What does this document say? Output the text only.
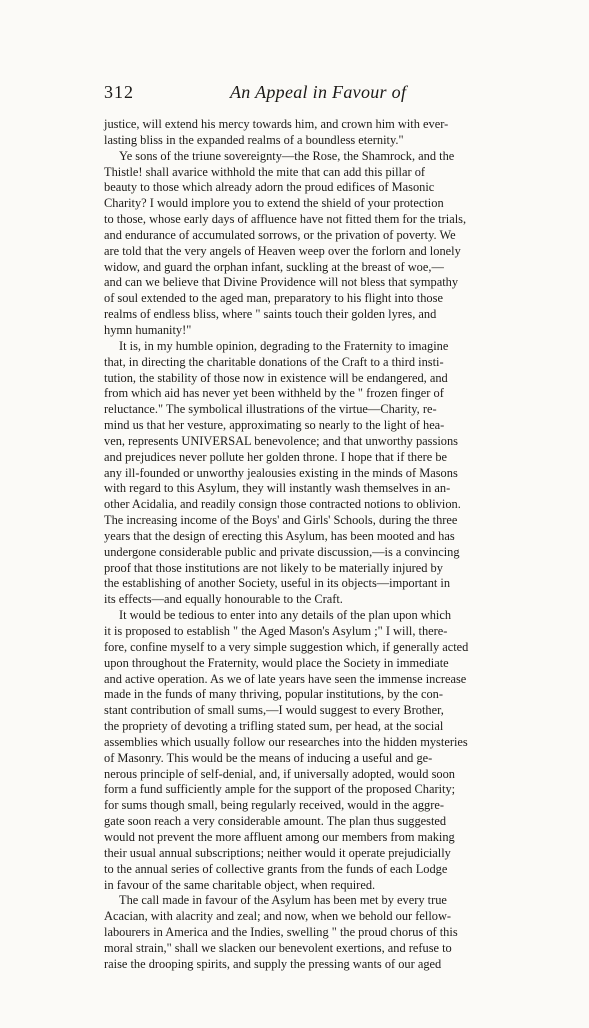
312	An Appeal in Favour of
justice, will extend his mercy towards him, and crown him with ever-
lasting bliss in the expanded realms of a boundless eternity."
Ye sons of the triune sovereignty—the Rose, the Shamrock, and the
Thistle! shall avarice withhold the mite that can add this pillar of
beauty to those which already adorn the proud edifices of Masonic
Charity? I would implore you to extend the shield of your protection
to those, whose early days of affluence have not fitted them for the trials,
and endurance of accumulated sorrows, or the privation of poverty. We
are told that the very angels of Heaven weep over the forlorn and lonely
widow, and guard the orphan infant, suckling at the breast of woe,—
and can we believe that Divine Providence will not bless that sympathy
of soul extended to the aged man, preparatory to his flight into those
realms of endless bliss, where " saints touch their golden lyres, and
hymn humanity!"
It is, in my humble opinion, degrading to the Fraternity to imagine
that, in directing the charitable donations of the Craft to a third insti-
tution, the stability of those now in existence will be endangered, and
from which aid has never yet been withheld by the " frozen finger of
reluctance." The symbolical illustrations of the virtue—Charity, re-
mind us that her vesture, approximating so nearly to the light of hea-
ven, represents UNIVERSAL benevolence; and that unworthy passions
and prejudices never pollute her golden throne. I hope that if there be
any ill-founded or unworthy jealousies existing in the minds of Masons
with regard to this Asylum, they will instantly wash themselves in an-
other Acidalia, and readily consign those contracted notions to oblivion.
The increasing income of the Boys' and Girls' Schools, during the three
years that the design of erecting this Asylum, has been mooted and has
undergone considerable public and private discussion,—is a convincing
proof that those institutions are not likely to be materially injured by
the establishing of another Society, useful in its objects—important in
its effects—and equally honourable to the Craft.
It would be tedious to enter into any details of the plan upon which
it is proposed to establish " the Aged Mason's Asylum ;" I will, there-
fore, confine myself to a very simple suggestion which, if generally acted
upon throughout the Fraternity, would place the Society in immediate
and active operation. As we of late years have seen the immense increase
made in the funds of many thriving, popular institutions, by the con-
stant contribution of small sums,—I would suggest to every Brother,
the propriety of devoting a trifling stated sum, per head, at the social
assemblies which usually follow our researches into the hidden mysteries
of Masonry. This would be the means of inducing a useful and ge-
nerous principle of self-denial, and, if universally adopted, would soon
form a fund sufficiently ample for the support of the proposed Charity;
for sums though small, being regularly received, would in the aggre-
gate soon reach a very considerable amount. The plan thus suggested
would not prevent the more affluent among our members from making
their usual annual subscriptions; neither would it operate prejudicially
to the annual series of collective grants from the funds of each Lodge
in favour of the same charitable object, when required.
The call made in favour of the Asylum has been met by every true
Acacian, with alacrity and zeal; and now, when we behold our fellow-
labourers in America and the Indies, swelling " the proud chorus of this
moral strain," shall we slacken our benevolent exertions, and refuse to
raise the drooping spirits, and supply the pressing wants of our aged
